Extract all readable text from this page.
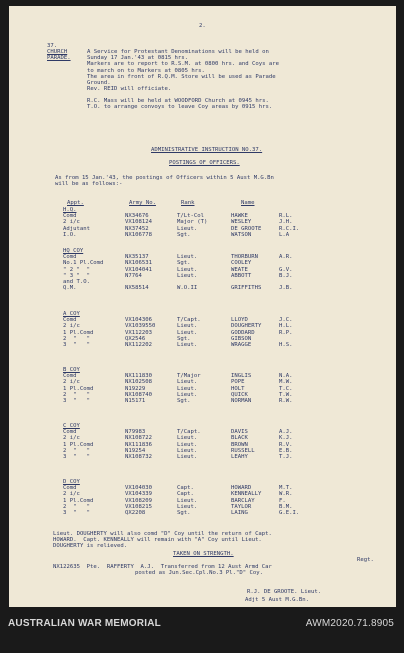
2.
37.
CHURCH
PARADE.
A Service for Protestant Denominations will be held on
Sunday 17 Jan.'43 at 0815 hrs.
Markers are to report to R.S.M. at 0800 hrs. and Coys are
to march on to Markers at 0805 hrs.
The area in front of R.Q.M. Store will be used as Parade
Ground.
Rev. REID will officiate.
R.C. Mass will be held at WOODFORD Church at 0945 hrs.
T.O. to arrange convoys to leave Coy areas by 0915 hrs.
ADMINISTRATIVE INSTRUCTION NO.37.
POSTINGS OF OFFICERS.
As from 15 Jan.'43, the postings of Officers within 5 Aust M.G.Bn
will be as follows:-
Appt.	Army No.	Rank	Name
H.Q.
Comd	NX34676	T/Lt-Col	HAWKE	R.L.
2 i/c	VX108124	Major (T)	WESLEY	J.H.
Adjutant	NX37452	Lieut.	DE GROOTE	R.C.I.
I.O.	NX106778	Sgt.	WATSON	L.A
HQ COY
Comd	NX35137	Lieut.	THORBURN	A.R.
No.1 Pl.Comd	NX106531	Sgt.	COOLEY
" 2 "  "	VX104041	Lieut.	WEATE	G.V.
" 3 "  "	N7764	Lieut.	ABBOTT	B.J.
and T.O.
Q.M.	NX58514	W.O.II	GRIFFITHS	J.B.
A COY
Comd	VX104306	T/Capt.	LLOYD	J.C.
2 i/c	VX1039550	Lieut.	DOUGHERTY	H.L.
1 Pl.Comd	VX112203	Lieut.	GODDARD	R.P.
2  "   "	QX2546	Sgt.	GIBSON
3  "   "	NX112202	Lieut.	WRAGGE	H.S.
B COY
Comd	NX111830	T/Major	INGLIS	N.A.
2 i/c	NX102508	Lieut.	POPE	M.W.
1 Pl.Comd	N19229	Lieut.	HOLT	T.C.
2  "   "	NX108740	Lieut.	QUICK	T.W.
3  "   "	N15171	Sgt.	NORMAN	R.W.
C COY
Comd	N79983	T/Capt.	DAVIS	A.J.
2 i/c	NX108722	Lieut.	BLACK	K.J.
1 Pl.Comd	NX111836	Lieut.	BROWN	R.V.
2  "   "	N19254	Lieut.	RUSSELL	E.B.
3  "   "	NX108732	Lieut.	LEAHY	T.J.
D COY
Comd	VX104030	Capt.	HOWARD	M.T.
2 i/c	VX104339	Capt.	KENNEALLY	W.R.
1 Pl.Comd	VX108209	Lieut.	BARCLAY	F.
2  "   "	VX108215	Lieut.	TAYLOR	B.M.
3  "   "	QX2208	Sgt.	LAING	G.E.I.
Lieut. DOUGHERTY will also comd "D" Coy until the return of Capt.
HOWARD.  Capt. KENNEALLY will remain with "A" Coy until Lieut.
DOUGHERTY is relieved.
TAKEN ON STRENGTH.
Regt.
NX122635  Pte.  RAFFERTY  A.J.  Transferred from 12 Aust Armd Car
posted as Jun.Sec.Cpl.No.3 Pl."D" Coy.
R.J. DE GROOTE. Lieut.
Adjt 5 Aust M.G.Bn.
AUSTRALIAN WAR MEMORIAL	AWM2020.71.8905
